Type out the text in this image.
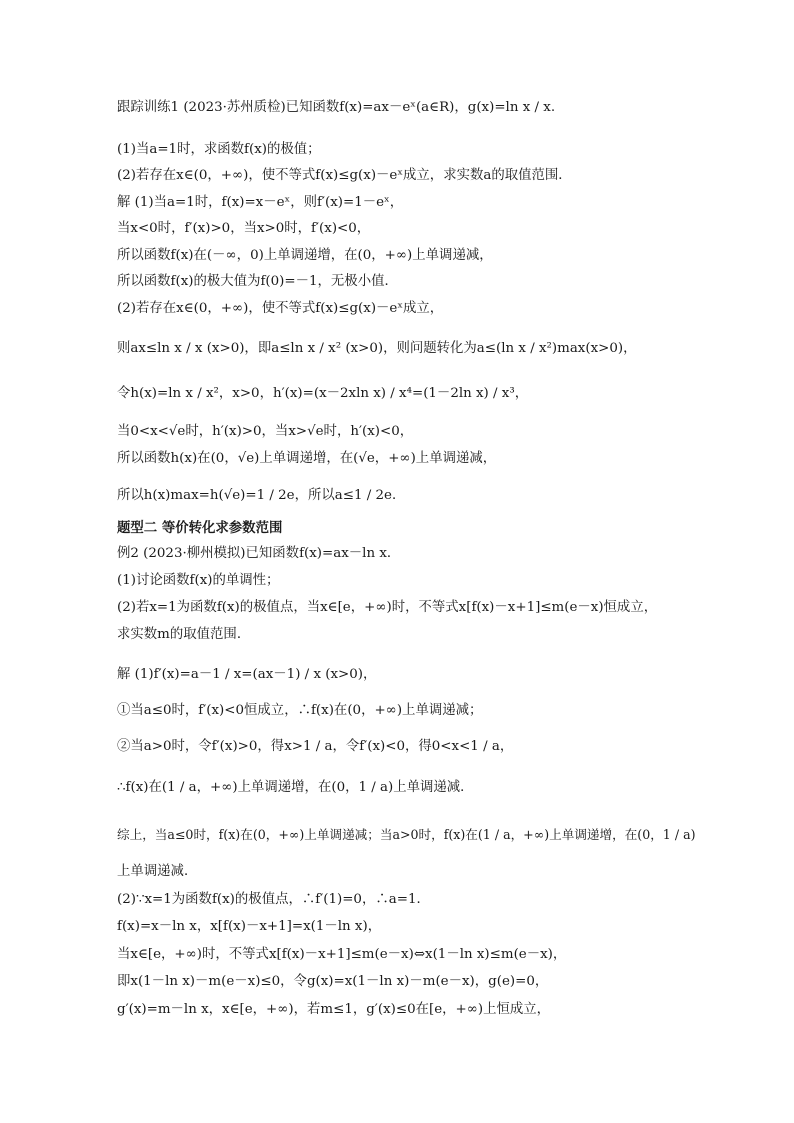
跟踪训练1 (2023·苏州质检)已知函数f(x)=ax－eˣ(a∈R)，g(x)=ln x / x.
(1)当a=1时，求函数f(x)的极值；
(2)若存在x∈(0，+∞)，使不等式f(x)≤g(x)－eˣ成立，求实数a的取值范围．
解 (1)当a=1时，f(x)=x－eˣ，则f′(x)=1－eˣ，
当x<0时，f′(x)>0，当x>0时，f′(x)<0，
所以函数f(x)在(－∞，0)上单调递增，在(0，+∞)上单调递减，
所以函数f(x)的极大值为f(0)=－1，无极小值．
(2)若存在x∈(0，+∞)，使不等式f(x)≤g(x)－eˣ成立，
则ax≤ln x / x (x>0)，即a≤ln x / x² (x>0)，则问题转化为a≤(ln x / x²)max(x>0)，
令h(x)=ln x / x²，x>0，h′(x)=(x－2xln x) / x⁴=(1－2ln x) / x³，
当0<x<√e时，h′(x)>0，当x>√e时，h′(x)<0，
所以函数h(x)在(0，√e)上单调递增，在(√e，+∞)上单调递减，
所以h(x)max=h(√e)=1 / 2e，所以a≤1 / 2e．
题型二 等价转化求参数范围
例2 (2023·柳州模拟)已知函数f(x)=ax－ln x．
(1)讨论函数f(x)的单调性；
(2)若x=1为函数f(x)的极值点，当x∈[e，+∞)时，不等式x[f(x)－x+1]≤m(e－x)恒成立，
求实数m的取值范围．
解 (1)f′(x)=a－1 / x=(ax－1) / x (x>0)，
①当a≤0时，f′(x)<0恒成立，∴f(x)在(0，+∞)上单调递减；
②当a>0时，令f′(x)>0，得x>1 / a，令f′(x)<0，得0<x<1 / a，
∴f(x)在(1 / a，+∞)上单调递增，在(0，1 / a)上单调递减．
综上，当a≤0时，f(x)在(0，+∞)上单调递减；当a>0时，f(x)在(1 / a，+∞)上单调递增，在(0，1 / a)
上单调递减．
(2)∵x=1为函数f(x)的极值点，∴f′(1)=0，∴a=1．
f(x)=x－ln x，x[f(x)－x+1]=x(1－ln x)，
当x∈[e，+∞)时，不等式x[f(x)－x+1]≤m(e－x)⇔x(1－ln x)≤m(e－x)，
即x(1－ln x)－m(e－x)≤0，令g(x)=x(1－ln x)－m(e－x)，g(e)=0，
g′(x)=m－ln x，x∈[e，+∞)，若m≤1，g′(x)≤0在[e，+∞)上恒成立，
